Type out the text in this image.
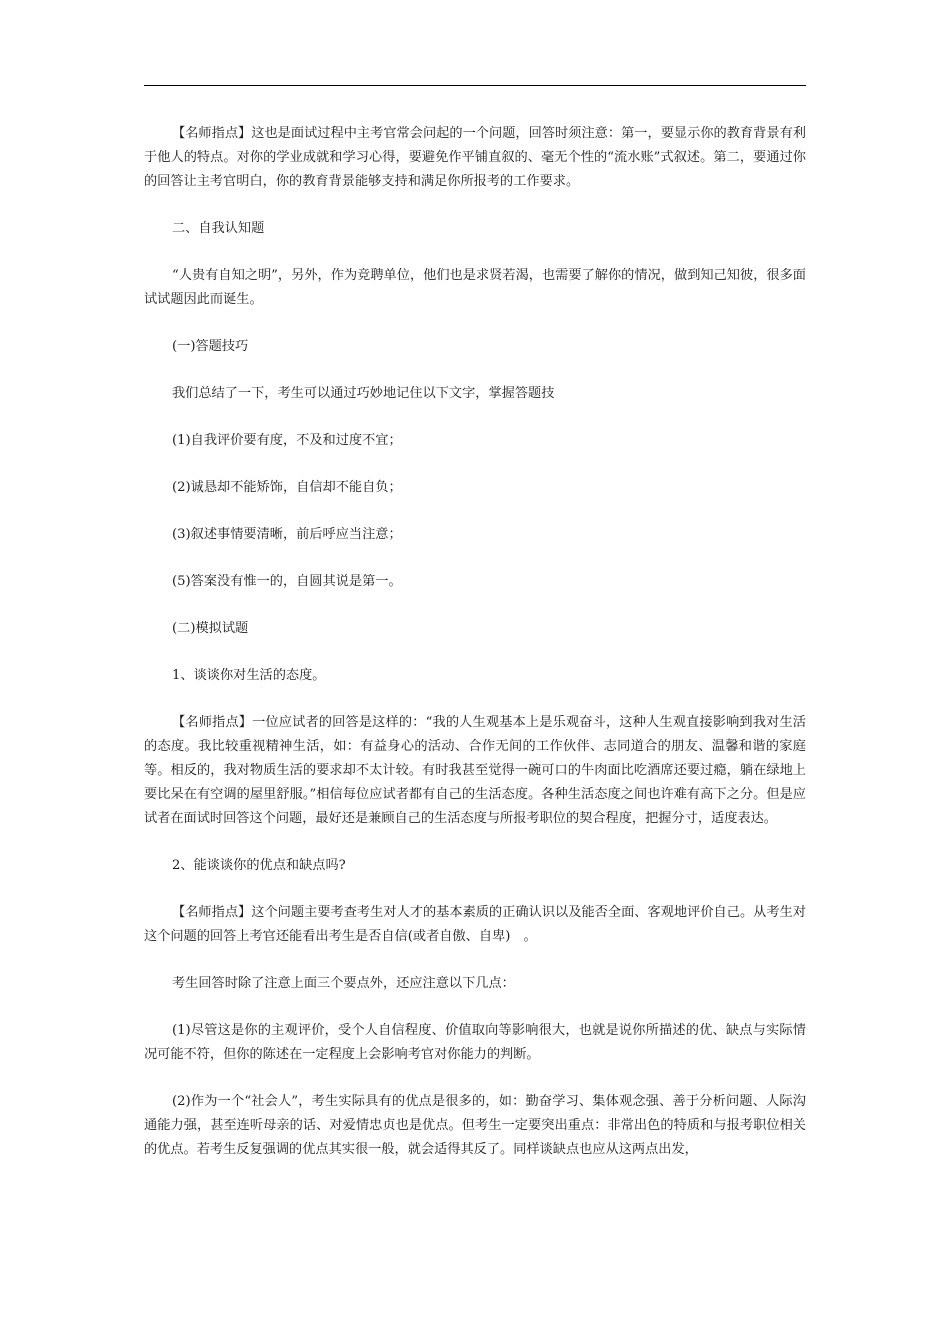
【名师指点】这也是面试过程中主考官常会问起的一个问题，回答时须注意：第一，要显示你的教育背景有利于他人的特点。对你的学业成就和学习心得，要避免作平铺直叙的、毫无个性的“流水账”式叙述。第二，要通过你的回答让主考官明白，你的教育背景能够支持和满足你所报考的工作要求。

二、自我认知题

“人贵有自知之明”，另外，作为竞聘单位，他们也是求贤若渴，也需要了解你的情况，做到知己知彼，很多面试试题因此而诞生。

(一)答题技巧

我们总结了一下，考生可以通过巧妙地记住以下文字，掌握答题技

(1)自我评价要有度，不及和过度不宜；

(2)诚恳却不能矫饰，自信却不能自负；

(3)叙述事情要清晰，前后呼应当注意；

(5)答案没有惟一的，自圆其说是第一。

(二)模拟试题

1、谈谈你对生活的态度。

【名师指点】一位应试者的回答是这样的：“我的人生观基本上是乐观奋斗，这种人生观直接影响到我对生活的态度。我比较重视精神生活，如：有益身心的活动、合作无间的工作伙伴、志同道合的朋友、温馨和谐的家庭等。相反的，我对物质生活的要求却不太计较。有时我甚至觉得一碗可口的牛肉面比吃酒席还要过瘾，躺在绿地上要比呆在有空调的屋里舒服。”相信每位应试者都有自己的生活态度。各种生活态度之间也许难有高下之分。但是应试者在面试时回答这个问题，最好还是兼顾自己的生活态度与所报考职位的契合程度，把握分寸，适度表达。

2、能谈谈你的优点和缺点吗?

【名师指点】这个问题主要考查考生对人才的基本素质的正确认识以及能否全面、客观地评价自己。从考生对这个问题的回答上考官还能看出考生是否自信(或者自傲、自卑)　。

考生回答时除了注意上面三个要点外，还应注意以下几点：

(1)尽管这是你的主观评价，受个人自信程度、价值取向等影响很大，也就是说你所描述的优、缺点与实际情况可能不符，但你的陈述在一定程度上会影响考官对你能力的判断。

(2)作为一个“社会人”，考生实际具有的优点是很多的，如：勤奋学习、集体观念强、善于分析问题、人际沟通能力强，甚至连听母亲的话、对爱情忠贞也是优点。但考生一定要突出重点：非常出色的特质和与报考职位相关的优点。若考生反复强调的优点其实很一般，就会适得其反了。同样谈缺点也应从这两点出发，
